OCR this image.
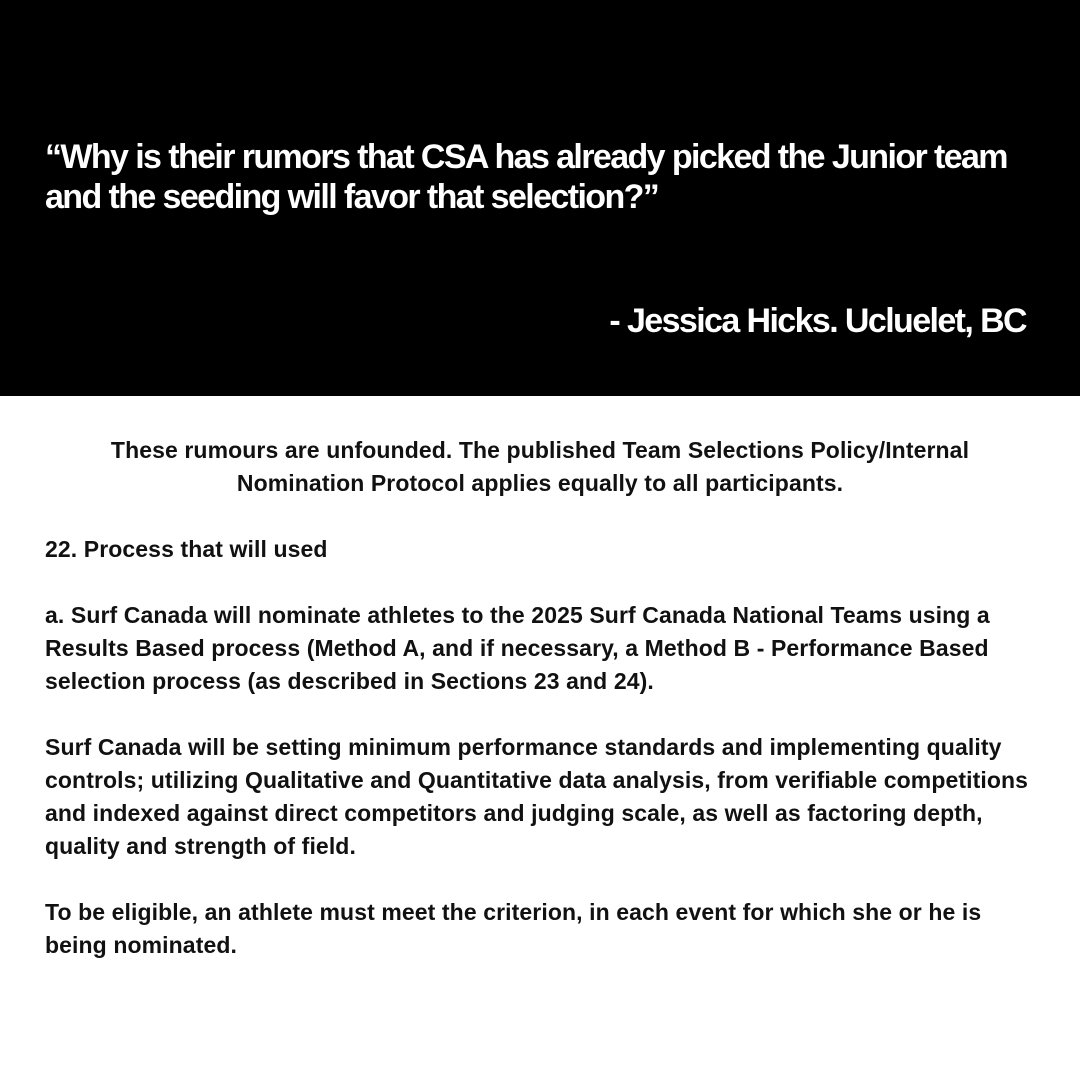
“Why is their rumors that CSA has already picked the Junior team and the seeding will favor that selection?”

- Jessica Hicks. Ucluelet, BC

These rumours are unfounded. The published Team Selections Policy/Internal Nomination Protocol applies equally to all participants.

22. Process that will used

a. Surf Canada will nominate athletes to the 2025 Surf Canada National Teams using a Results Based process (Method A, and if necessary, a Method B - Performance Based selection process (as described in Sections 23 and 24).

Surf Canada will be setting minimum performance standards and implementing quality controls; utilizing Qualitative and Quantitative data analysis, from verifiable competitions and indexed against direct competitors and judging scale, as well as factoring depth, quality and strength of field.

To be eligible, an athlete must meet the criterion, in each event for which she or he is being nominated.
